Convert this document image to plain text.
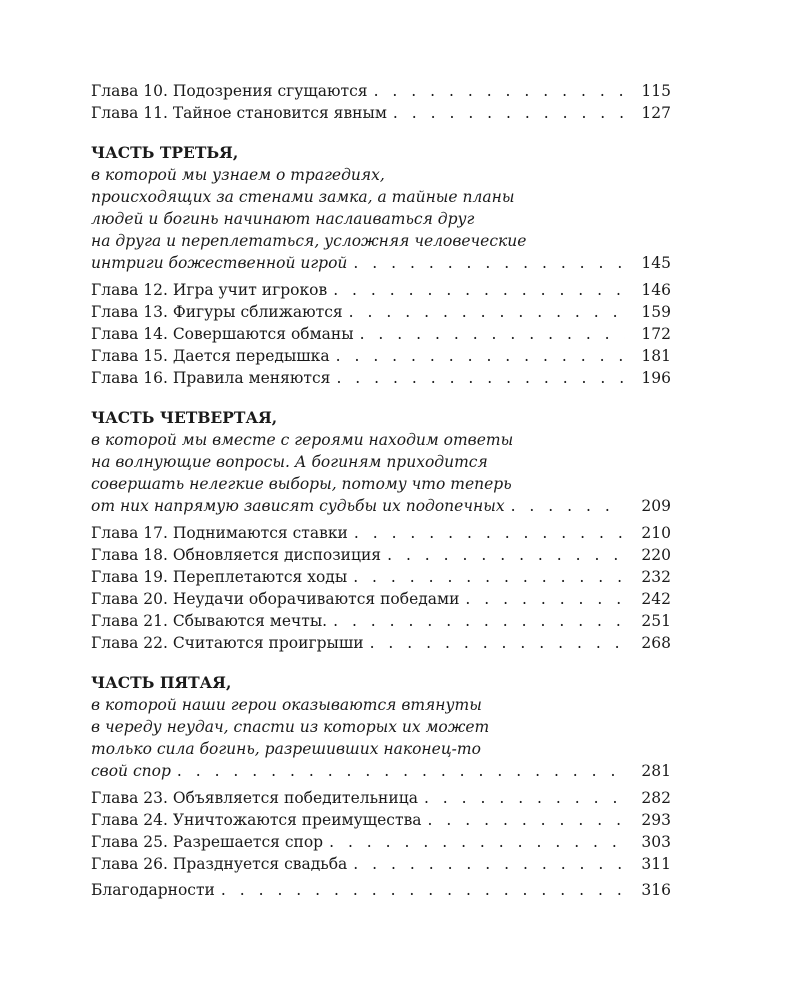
Глава 10. Подозрения сгущаются . . .	115
Глава 11. Тайное становится явным . . .	127
ЧАСТЬ ТРЕТЬЯ,
в которой мы узнаем о трагедиях,
происходящих за стенами замка, а тайные планы
людей и богинь начинают наслаиваться друг
на друга и переплетаться, усложняя человеческие
интриги божественной игрой . . .	145
Глава 12. Игра учит игроков . . .	146
Глава 13. Фигуры сближаются . . .	159
Глава 14. Совершаются обманы . . .	172
Глава 15. Дается передышка . . .	181
Глава 16. Правила меняются . . .	196
ЧАСТЬ ЧЕТВЕРТАЯ,
в которой мы вместе с героями находим ответы
на волнующие вопросы. А богиням приходится
совершать нелегкие выборы, потому что теперь
от них напрямую зависят судьбы их подопечных . . .	209
Глава 17. Поднимаются ставки . . .	210
Глава 18. Обновляется диспозиция . . .	220
Глава 19. Переплетаются ходы . . .	232
Глава 20. Неудачи оборачиваются победами . . .	242
Глава 21. Сбываются мечты. . . .	251
Глава 22. Считаются проигрыши . . .	268
ЧАСТЬ ПЯТАЯ,
в которой наши герои оказываются втянуты
в череду неудач, спасти из которых их может
только сила богинь, разрешивших наконец-то
свой спор . . .	281
Глава 23. Объявляется победительница . . .	282
Глава 24. Уничтожаются преимущества . . .	293
Глава 25. Разрешается спор . . .	303
Глава 26. Празднуется свадьба . . .	311
Благодарности . . .	316
